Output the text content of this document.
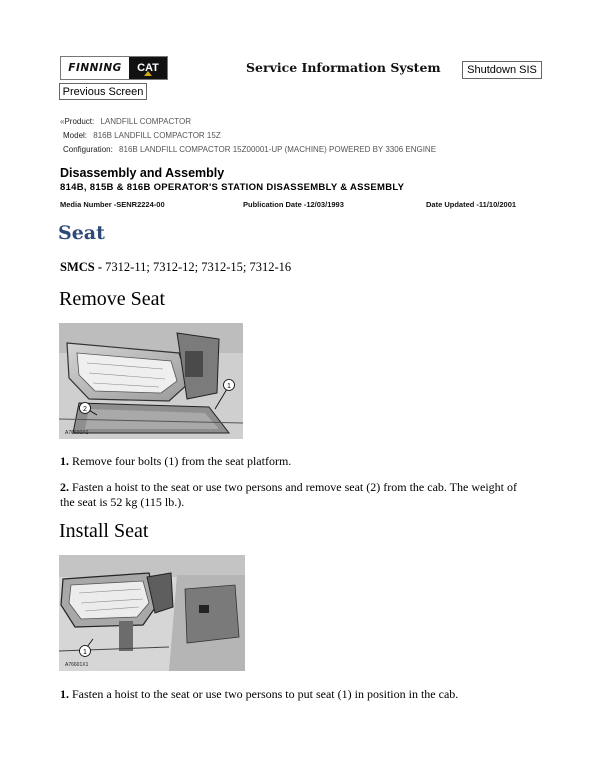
FINNING	CAT	Service Information System	Shutdown SIS
Previous Screen
«Product: LANDFILL COMPACTOR
Model: 816B LANDFILL COMPACTOR 15Z
Configuration: 816B LANDFILL COMPACTOR 15Z00001-UP (MACHINE) POWERED BY 3306 ENGINE
Disassembly and Assembly
814B, 815B & 816B OPERATOR'S STATION DISASSEMBLY & ASSEMBLY
Media Number -SENR2224-00	Publication Date -12/03/1993	Date Updated -11/10/2001
Seat
SMCS - 7312-11; 7312-12; 7312-15; 7312-16
Remove Seat
2
1
A76600X1
1. Remove four bolts (1) from the seat platform.
2. Fasten a hoist to the seat or use two persons and remove seat (2) from the cab. The weight of the seat is 52 kg (115 lb.).
Install Seat
1
A76601X1
1. Fasten a hoist to the seat or use two persons to put seat (1) in position in the cab.
